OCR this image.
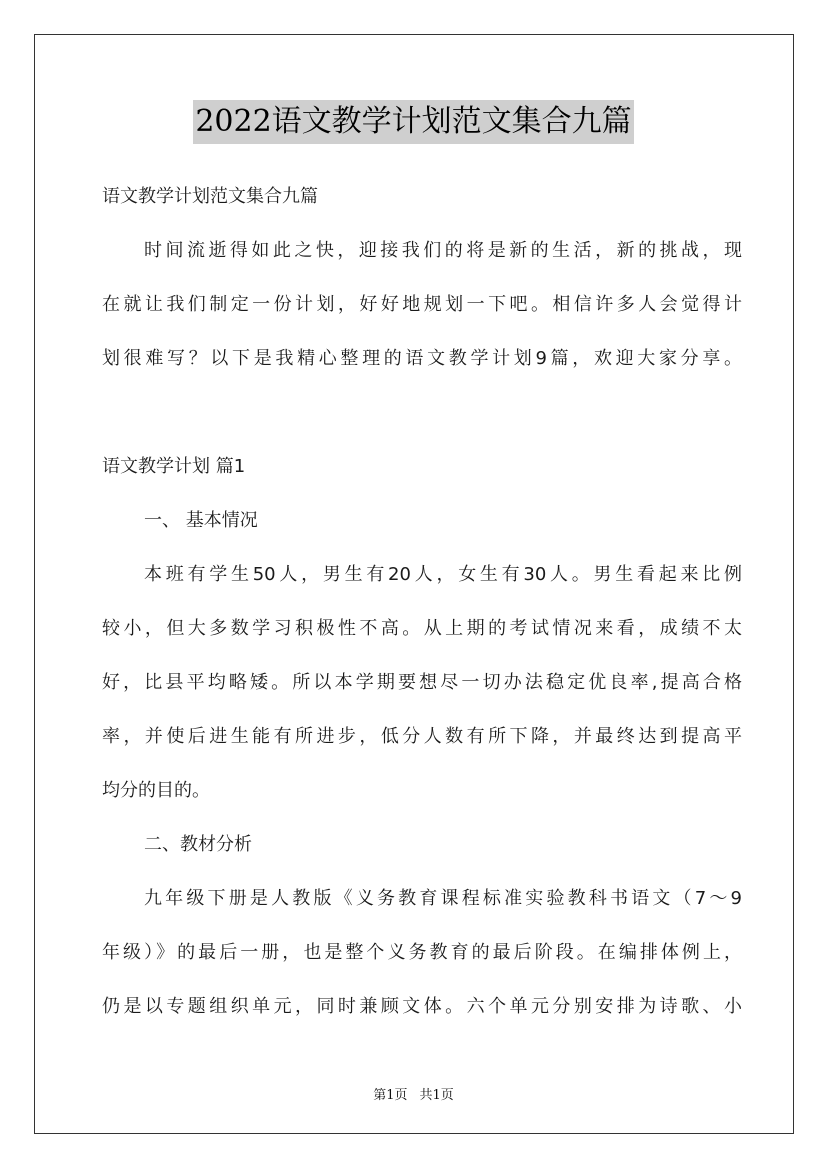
2022语文教学计划范文集合九篇
语文教学计划范文集合九篇
时间流逝得如此之快，迎接我们的将是新的生活，新的挑战，现
在就让我们制定一份计划，好好地规划一下吧。相信许多人会觉得计
划很难写？以下是我精心整理的语文教学计划9篇，欢迎大家分享。
语文教学计划 篇1
一、 基本情况
本班有学生50人，男生有20人，女生有30人。男生看起来比例
较小，但大多数学习积极性不高。从上期的考试情况来看，成绩不太
好，比县平均略矮。所以本学期要想尽一切办法稳定优良率,提高合格
率，并使后进生能有所进步，低分人数有所下降，并最终达到提高平
均分的目的。
二、教材分析
九年级下册是人教版《义务教育课程标准实验教科书语文（7～9
年级）》的最后一册，也是整个义务教育的最后阶段。在编排体例上，
仍是以专题组织单元，同时兼顾文体。六个单元分别安排为诗歌、小
第1页 共1页
